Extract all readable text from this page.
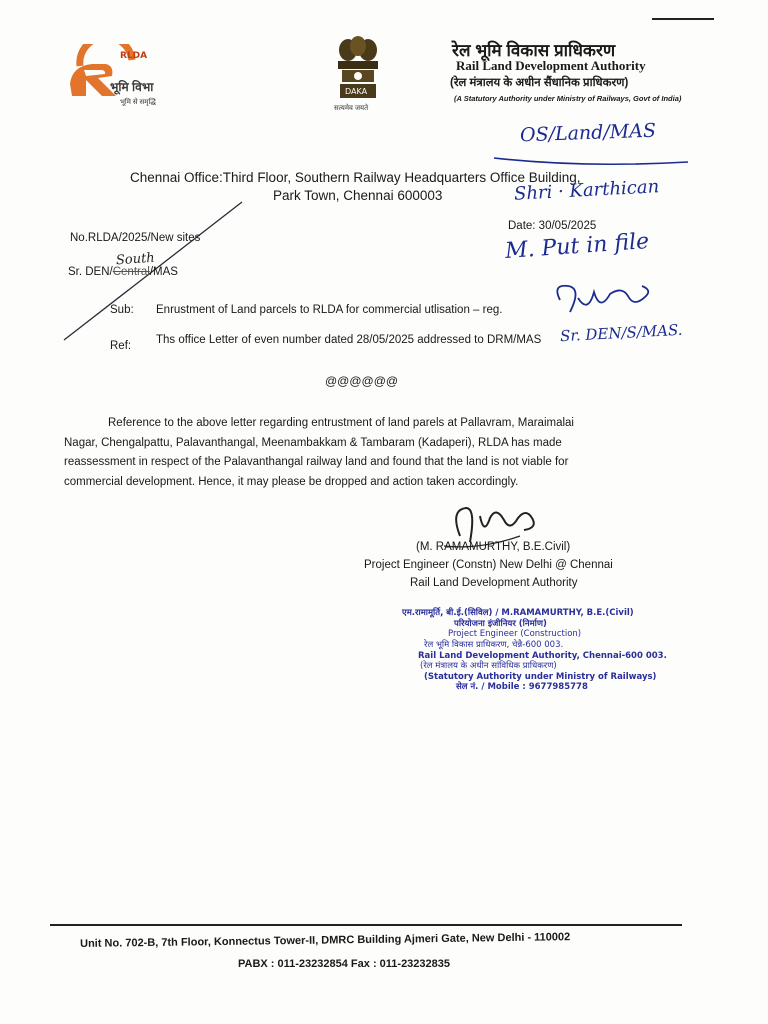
RLDA
भूमि विभा
भूमि से समृद्धि
DAKA
सत्यमेव जयते
रेल भूमि विकास प्राधिकरण
Rail Land Development Authority
(रेल मंत्रालय के अधीन सैंधानिक प्राधिकरण)
(A Statutory Authority under Ministry of Railways, Govt of India)
OS/Land/MAS
Chennai Office:Third Floor, Southern Railway Headquarters Office Building,
Park Town, Chennai 600003	Shri · Karthican
No.RLDA/2025/New sites
Date: 30/05/2025
M. Put in file
Sr. DEN/Central/MAS
South
Sub: Enrustment of Land parcels to RLDA for commercial utlisation – reg.
Ref: Ths office Letter of even number dated 28/05/2025 addressed to DRM/MAS Sr. DEN/S/MAS.
@@@@@@
Reference to the above letter regarding entrustment of land parels at Pallavram, Maraimalai
Nagar, Chengalpattu, Palavanthangal, Meenambakkam & Tambaram (Kadaperi), RLDA has made
reassessment in respect of the Palavanthangal railway land and found that the land is not viable for
commercial development. Hence, it may please be dropped and action taken accordingly.
(M. RAMAMURTHY, B.E.Civil)
Project Engineer (Constn) New Delhi @ Chennai
Rail Land Development Authority
एम.रामामूर्ति, बी.ई.(सिविल) / M.RAMAMURTHY, B.E.(Civil)
परियोजना इंजीनियर (निर्माण)
Project Engineer (Construction)
रेल भूमि विकास प्राधिकरण, चेन्नै-600 003.
Rail Land Development Authority, Chennai-600 003.
(रेल मंत्रालय के अधीन सांविधिक प्राधिकरण)
(Statutory Authority under Ministry of Railways)
सेल नं. / Mobile : 9677985778
Unit No. 702-B, 7th Floor, Konnectus Tower-II, DMRC Building Ajmeri Gate, New Delhi - 110002
PABX : 011-23232854 Fax : 011-23232835
